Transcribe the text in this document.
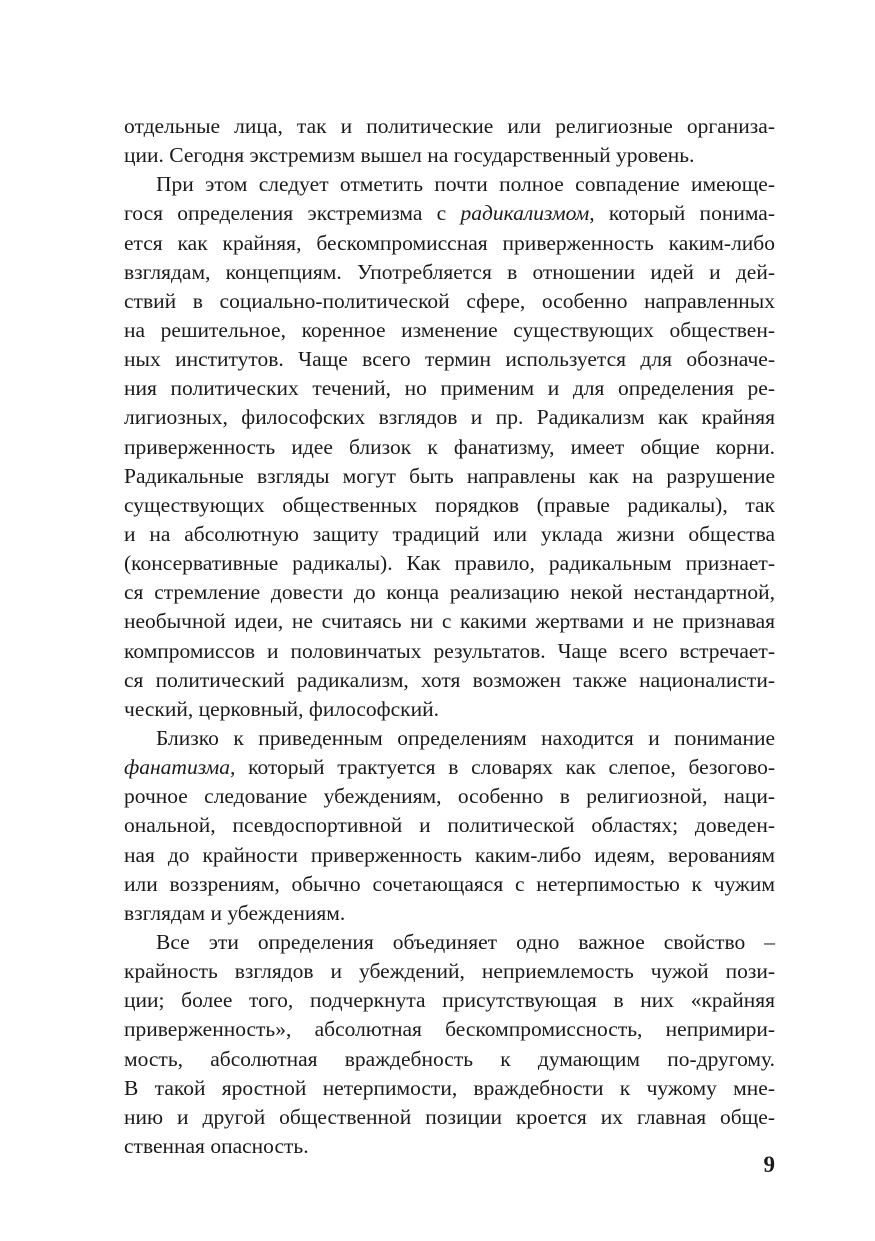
отдельные лица, так и политические или религиозные организа-
ции. Сегодня экстремизм вышел на государственный уровень.
При этом следует отметить почти полное совпадение имеюще-
гося определения экстремизма с радикализмом, который понима-
ется как крайняя, бескомпромиссная приверженность каким-либо
взглядам, концепциям. Употребляется в отношении идей и дей-
ствий в социально-политической сфере, особенно направленных
на решительное, коренное изменение существующих обществен-
ных институтов. Чаще всего термин используется для обозначе-
ния политических течений, но применим и для определения ре-
лигиозных, философских взглядов и пр. Радикализм как крайняя
приверженность идее близок к фанатизму, имеет общие корни.
Радикальные взгляды могут быть направлены как на разрушение
существующих общественных порядков (правые радикалы), так
и на абсолютную защиту традиций или уклада жизни общества
(консервативные радикалы). Как правило, радикальным признает-
ся стремление довести до конца реализацию некой нестандартной,
необычной идеи, не считаясь ни с какими жертвами и не признавая
компромиссов и половинчатых результатов. Чаще всего встречает-
ся политический радикализм, хотя возможен также националисти-
ческий, церковный, философский.
Близко к приведенным определениям находится и понимание
фанатизма, который трактуется в словарях как слепое, безогово-
рочное следование убеждениям, особенно в религиозной, наци-
ональной, псевдоспортивной и политической областях; доведен-
ная до крайности приверженность каким-либо идеям, верованиям
или воззрениям, обычно сочетающаяся с нетерпимостью к чужим
взглядам и убеждениям.
Все эти определения объединяет одно важное свойство –
крайность взглядов и убеждений, неприемлемость чужой пози-
ции; более того, подчеркнута присутствующая в них «крайняя
приверженность», абсолютная бескомпромиссность, непримири-
мость, абсолютная враждебность к думающим по-другому.
В такой яростной нетерпимости, враждебности к чужому мне-
нию и другой общественной позиции кроется их главная обще-
ственная опасность.
9
